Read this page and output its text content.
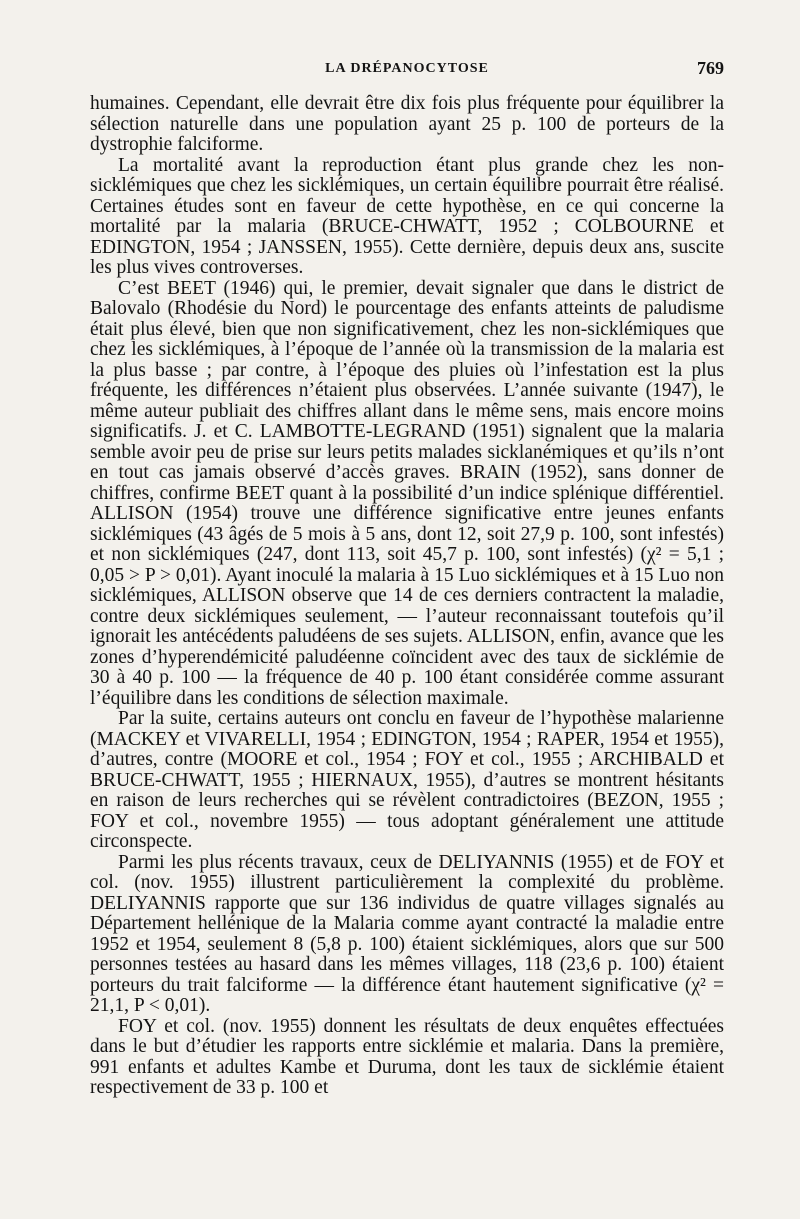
LA DRÉPANOCYTOSE	769

humaines. Cependant, elle devrait être dix fois plus fréquente pour équilibrer la sélection naturelle dans une population ayant 25 p. 100 de porteurs de la dystrophie falciforme.

La mortalité avant la reproduction étant plus grande chez les non-sicklémiques que chez les sicklémiques, un certain équilibre pourrait être réalisé. Certaines études sont en faveur de cette hypothèse, en ce qui concerne la mortalité par la malaria (BRUCE-CHWATT, 1952 ; COLBOURNE et EDINGTON, 1954 ; JANSSEN, 1955). Cette dernière, depuis deux ans, suscite les plus vives controverses.

C’est BEET (1946) qui, le premier, devait signaler que dans le district de Balovalo (Rhodésie du Nord) le pourcentage des enfants atteints de paludisme était plus élevé, bien que non significativement, chez les non-sicklémiques que chez les sicklémiques, à l’époque de l’année où la transmission de la malaria est la plus basse ; par contre, à l’époque des pluies où l’infestation est la plus fréquente, les différences n’étaient plus observées. L’année suivante (1947), le même auteur publiait des chiffres allant dans le même sens, mais encore moins significatifs. J. et C. LAMBOTTE-LEGRAND (1951) signalent que la malaria semble avoir peu de prise sur leurs petits malades sicklanémiques et qu’ils n’ont en tout cas jamais observé d’accès graves. BRAIN (1952), sans donner de chiffres, confirme BEET quant à la possibilité d’un indice splénique différentiel. ALLISON (1954) trouve une différence significative entre jeunes enfants sicklémiques (43 âgés de 5 mois à 5 ans, dont 12, soit 27,9 p. 100, sont infestés) et non sicklémiques (247, dont 113, soit 45,7 p. 100, sont infestés) (χ² = 5,1 ; 0,05 > P > 0,01). Ayant inoculé la malaria à 15 Luo sicklémiques et à 15 Luo non sicklémiques, ALLISON observe que 14 de ces derniers contractent la maladie, contre deux sicklémiques seulement, — l’auteur reconnaissant toutefois qu’il ignorait les antécédents paludéens de ses sujets. ALLISON, enfin, avance que les zones d’hyperendémicité paludéenne coïncident avec des taux de sicklémie de 30 à 40 p. 100 — la fréquence de 40 p. 100 étant considérée comme assurant l’équilibre dans les conditions de sélection maximale.

Par la suite, certains auteurs ont conclu en faveur de l’hypothèse malarienne (MACKEY et VIVARELLI, 1954 ; EDINGTON, 1954 ; RAPER, 1954 et 1955), d’autres, contre (MOORE et col., 1954 ; FOY et col., 1955 ; ARCHIBALD et BRUCE-CHWATT, 1955 ; HIERNAUX, 1955), d’autres se montrent hésitants en raison de leurs recherches qui se révèlent contradictoires (BEZON, 1955 ; FOY et col., novembre 1955) — tous adoptant généralement une attitude circonspecte.

Parmi les plus récents travaux, ceux de DELIYANNIS (1955) et de FOY et col. (nov. 1955) illustrent particulièrement la complexité du problème. DELIYANNIS rapporte que sur 136 individus de quatre villages signalés au Département hellénique de la Malaria comme ayant contracté la maladie entre 1952 et 1954, seulement 8 (5,8 p. 100) étaient sicklémiques, alors que sur 500 personnes testées au hasard dans les mêmes villages, 118 (23,6 p. 100) étaient porteurs du trait falciforme — la différence étant hautement significative (χ² = 21,1, P < 0,01).

FOY et col. (nov. 1955) donnent les résultats de deux enquêtes effectuées dans le but d’étudier les rapports entre sicklémie et malaria. Dans la première, 991 enfants et adultes Kambe et Duruma, dont les taux de sicklémie étaient respectivement de 33 p. 100 et
